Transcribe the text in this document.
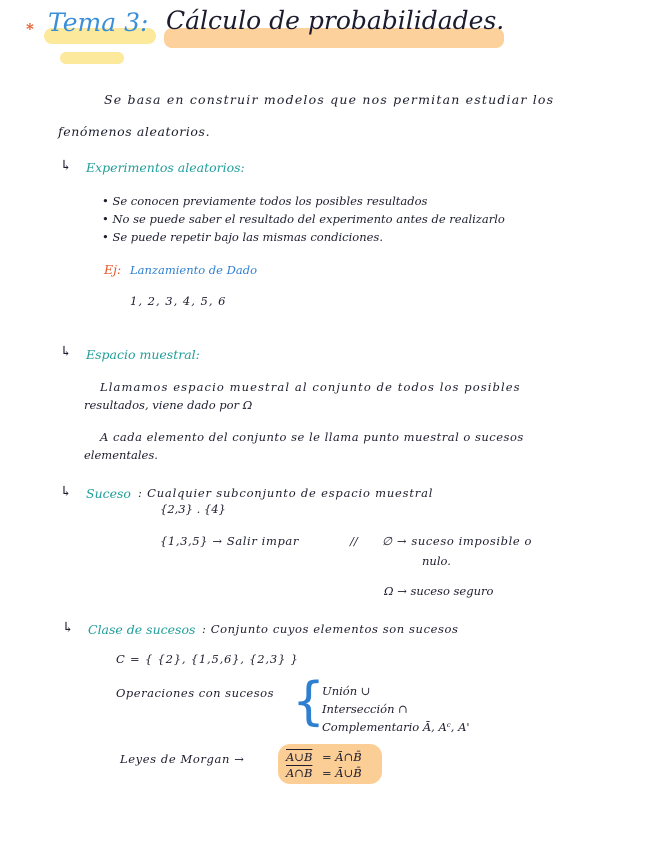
* Tema 3: Cálculo de probabilidades.
Se basa en construir modelos que nos permitan estudiar los
fenómenos aleatorios.
↳ Experimentos aleatorios:
• Se conocen previamente todos los posibles resultados
• No se puede saber el resultado del experimento antes de realizarlo
• Se puede repetir bajo las mismas condiciones.
Ej: Lanzamiento de Dado
1, 2, 3, 4, 5, 6
↳ Espacio muestral:
Llamamos espacio muestral al conjunto de todos los posibles
resultados, viene dado por Ω
A cada elemento del conjunto se le llama punto muestral o sucesos
elementales.
↳ Suceso : Cualquier subconjunto de espacio muestral
{2,3} . {4}
{1,3,5} → Salir impar	// ∅ → suceso imposible o
nulo.
Ω → suceso seguro
↳ Clase de sucesos : Conjunto cuyos elementos son sucesos
C = { {2}, {1,5,6}, {2,3} }
Operaciones con sucesos {
Unión ∪
Intersección ∩
Complementario Ā, Aᶜ, A'
Leyes de Morgan →	A∪B = Ā∩B̄
A∩B = Ā∪B̄
